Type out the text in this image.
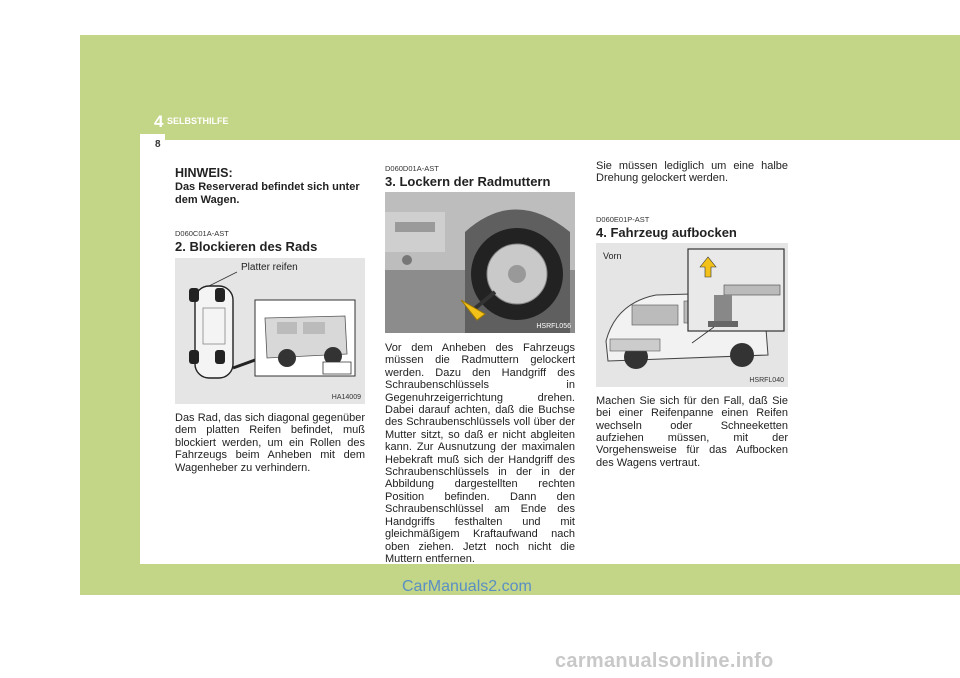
4 SELBSTHILFE
8

HINWEIS:

Das Reserverad befindet sich unter dem Wagen.

D060C01A-AST

2. Blockieren des Rads

Platter reifen
HA14009

Das Rad, das sich diagonal gegenüber dem platten Reifen befindet, muß blockiert werden, um ein Rollen des Fahrzeugs beim Anheben mit dem Wagenheber zu verhindern.

D060D01A-AST

3. Lockern der Radmuttern

HSRFL056

Vor dem Anheben des Fahrzeugs müssen die Radmuttern gelockert werden. Dazu den Handgriff des Schraubenschlüssels in Gegenuhrzeigerrichtung drehen. Dabei darauf achten, daß die Buchse des Schraubenschlüssels voll über der Mutter sitzt, so daß er nicht abgleiten kann. Zur Ausnutzung der maximalen Hebekraft muß sich der Handgriff des Schraubenschlüssels in der in der Abbildung dargestellten rechten Position befinden. Dann den Schraubenschlüssel am Ende des Handgriffs festhalten und mit gleichmäßigem Kraftaufwand nach oben ziehen. Jetzt noch nicht die Muttern entfernen.

Sie müssen lediglich um eine halbe Drehung gelockert werden.

D060E01P-AST

4. Fahrzeug aufbocken

Vorn
HSRFL040

Machen Sie sich für den Fall, daß Sie bei einer Reifenpanne einen Reifen wechseln oder Schneeketten aufziehen müssen, mit der Vorgehensweise für das Aufbocken des Wagens vertraut.

CarManuals2.com
carmanualsonline.info
